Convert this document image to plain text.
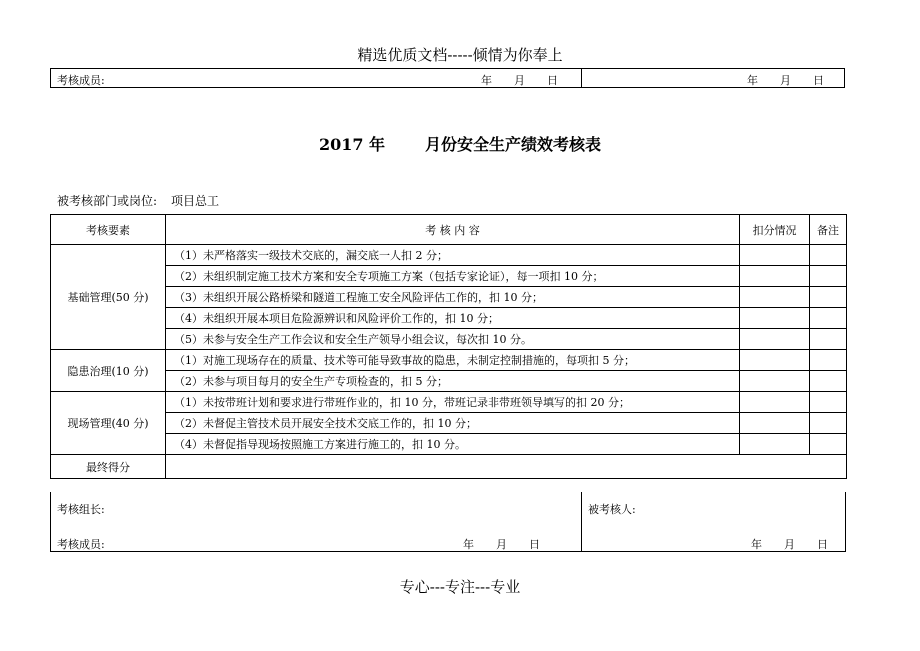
精选优质文档-----倾情为你奉上
考核成员:	年　　月　　日	年　　月　　日
2017 年	月份安全生产绩效考核表
被考核部门或岗位: 项目总工
考核要素	考 核 内 容	扣分情况	备注
基础管理(50 分)	（1）未严格落实一级技术交底的，漏交底一人扣 2 分；		
	（2）未组织制定施工技术方案和安全专项施工方案（包括专家论证），每一项扣 10 分；		
	（3）未组织开展公路桥梁和隧道工程施工安全风险评估工作的，扣 10 分；		
	（4）未组织开展本项目危险源辨识和风险评价工作的，扣 10 分；		
	（5）未参与安全生产工作会议和安全生产领导小组会议，每次扣 10 分。		
隐患治理(10 分)	（1）对施工现场存在的质量、技术等可能导致事故的隐患，未制定控制措施的，每项扣 5 分；		
	（2）未参与项目每月的安全生产专项检查的，扣 5 分；		
现场管理(40 分)	（1）未按带班计划和要求进行带班作业的，扣 10 分，带班记录非带班领导填写的扣 20 分；		
	（2）未督促主管技术员开展安全技术交底工作的，扣 10 分；		
	（4）未督促指导现场按照施工方案进行施工的，扣 10 分。		
最终得分			
考核组长:
考核成员:	年　　月　　日
被考核人:
年　　月　　日
专心---专注---专业
